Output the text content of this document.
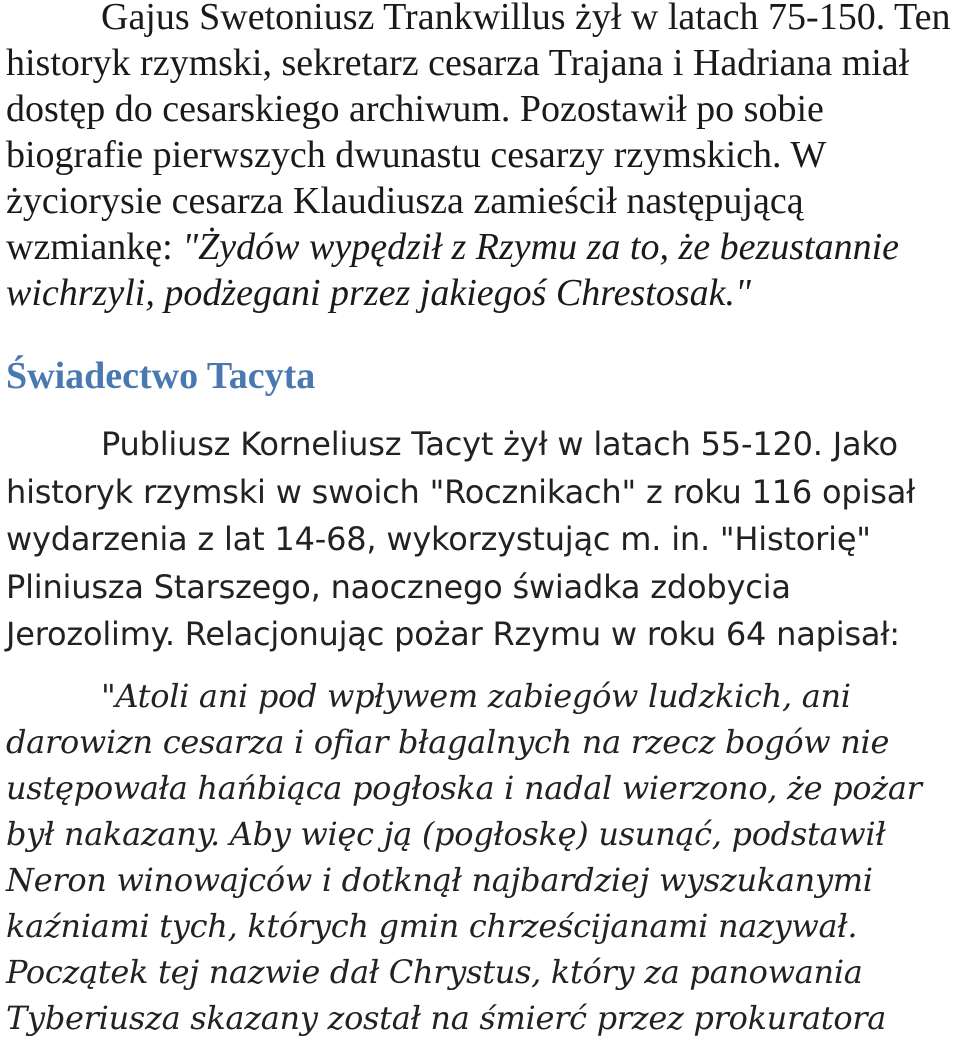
Gajus Swetoniusz Trankwillus żył w latach 75-150. Ten historyk rzymski, sekretarz cesarza Trajana i Hadriana miał dostęp do cesarskiego archiwum. Pozostawił po sobie biografie pierwszych dwunastu cesarzy rzymskich. W życiorysie cesarza Klaudiusza zamieścił następującą wzmiankę: "Żydów wypędził z Rzymu za to, że bezustannie wichrzyli, podżegani przez jakiegoś Chrestosak."

Świadectwo Tacyta

Publiusz Korneliusz Tacyt żył w latach 55-120. Jako historyk rzymski w swoich "Rocznikach" z roku 116 opisał wydarzenia z lat 14-68, wykorzystując m. in. "Historię" Pliniusza Starszego, naocznego świadka zdobycia Jerozolimy. Relacjonując pożar Rzymu w roku 64 napisał:

"Atoli ani pod wpływem zabiegów ludzkich, ani darowizn cesarza i ofiar błagalnych na rzecz bogów nie ustępowała hańbiąca pogłoska i nadal wierzono, że pożar był nakazany. Aby więc ją (pogłoskę) usunąć, podstawił Neron winowajców i dotknął najbardziej wyszukanymi kaźniami tych, których gmin chrześcijanami nazywał. Początek tej nazwie dał Chrystus, który za panowania Tyberiusza skazany został na śmierć przez prokuratora
